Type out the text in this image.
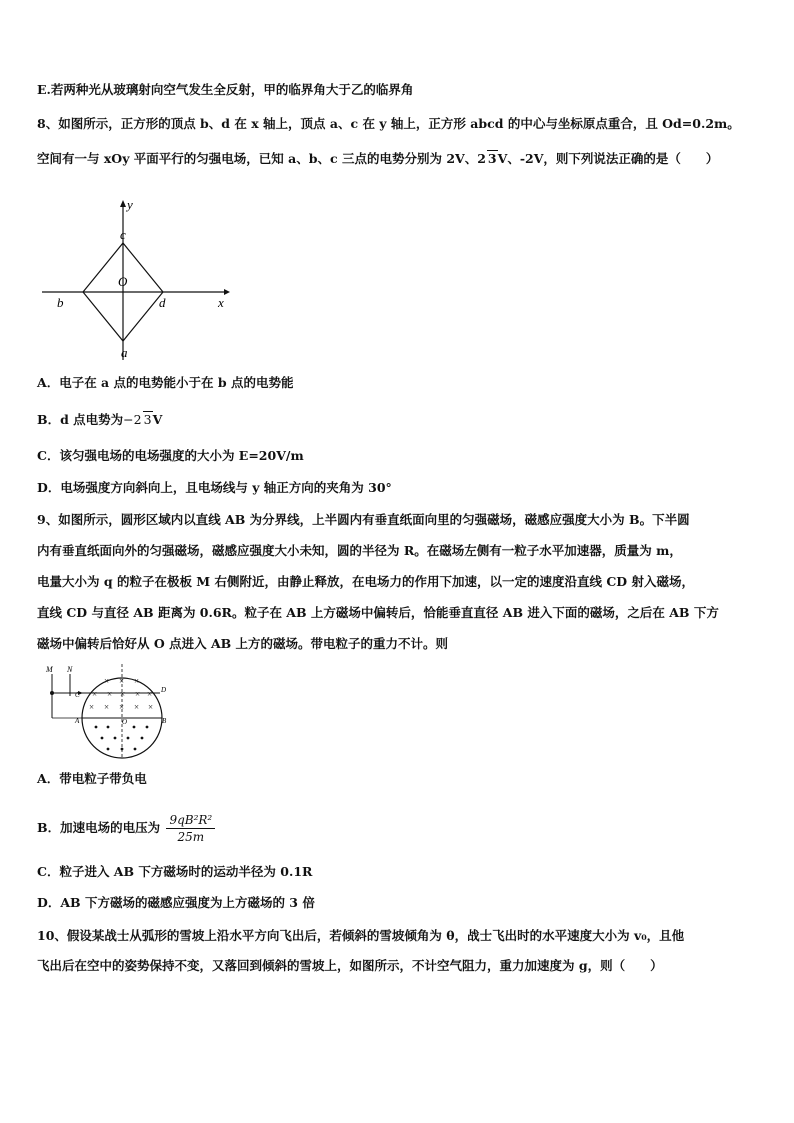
E.若两种光从玻璃射向空气发生全反射，甲的临界角大于乙的临界角
8、如图所示，正方形的顶点 b、d 在 x 轴上，顶点 a、c 在 y 轴上，正方形 abcd 的中心与坐标原点重合，且 Od=0.2m。
空间有一与 xOy 平面平行的匀强电场，已知 a、b、c 三点的电势分别为 2V、2 3V、-2V，则下列说法正确的是（　　）
y
x
c
O
b	d
a
A．电子在 a 点的电势能小于在 b 点的电势能
B．d 点电势为−2 3V
C．该匀强电场的电场强度的大小为 E=20V/m
D．电场强度方向斜向上，且电场线与 y 轴正方向的夹角为 30°
9、如图所示，圆形区域内以直线 AB 为分界线，上半圆内有垂直纸面向里的匀强磁场，磁感应强度大小为 B。下半圆
内有垂直纸面向外的匀强磁场，磁感应强度大小未知，圆的半径为 R。在磁场左侧有一粒子水平加速器，质量为 m，
电量大小为 q 的粒子在极板 M 右侧附近，由静止释放，在电场力的作用下加速，以一定的速度沿直线 CD 射入磁场，
直线 CD 与直径 AB 距离为 0.6R。粒子在 AB 上方磁场中偏转后，恰能垂直直径 AB 进入下面的磁场，之后在 AB 下方
磁场中偏转后恰好从 O 点进入 AB 上方的磁场。带电粒子的重力不计。则
M N
C
D
A	B
O
× × ×
× × × × ×
× × × × ×
A．带电粒子带负电
B．加速电场的电压为 $\frac{\text{9qB²R²}}{25m}$
C．粒子进入 AB 下方磁场时的运动半径为 0.1R
D．AB 下方磁场的磁感应强度为上方磁场的 3 倍
10、假设某战士从弧形的雪坡上沿水平方向飞出后，若倾斜的雪坡倾角为 θ，战士飞出时的水平速度大小为 v₀，且他
飞出后在空中的姿势保持不变，又落回到倾斜的雪坡上，如图所示，不计空气阻力，重力加速度为 g，则（　　）
